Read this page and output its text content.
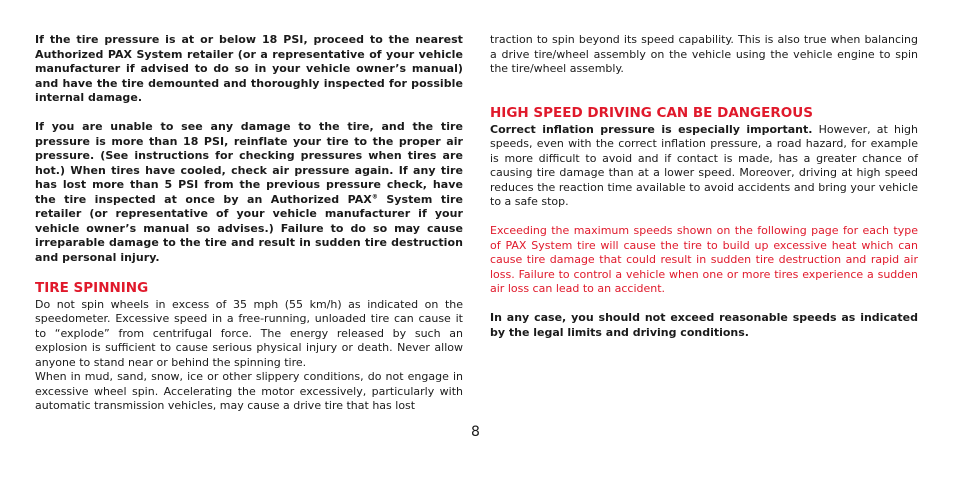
If the tire pressure is at or below 18 PSI, proceed to the nearest Authorized PAX System retailer (or a representative of your vehicle manufacturer if advised to do so in your vehicle owner’s manual) and have the tire demounted and thoroughly inspected for possible internal damage.

If you are unable to see any damage to the tire, and the tire pressure is more than 18 PSI, reinflate your tire to the proper air pressure. (See instructions for checking pressures when tires are hot.) When tires have cooled, check air pressure again. If any tire has lost more than 5 PSI from the previous pressure check, have the tire inspected at once by an Authorized PAX® System tire retailer (or representative of your vehicle manufacturer if your vehicle owner’s manual so advises.) Failure to do so may cause irreparable damage to the tire and result in sudden tire destruction and personal injury.

TIRE SPINNING

Do not spin wheels in excess of 35 mph (55 km/h) as indicated on the speedometer. Excessive speed in a free-running, unloaded tire can cause it to “explode” from centrifugal force. The energy released by such an explosion is sufficient to cause serious physical injury or death. Never allow anyone to stand near or behind the spinning tire.

When in mud, sand, snow, ice or other slippery conditions, do not engage in excessive wheel spin. Accelerating the motor excessively, particularly with automatic transmission vehicles, may cause a drive tire that has lost

8

traction to spin beyond its speed capability. This is also true when balancing a drive tire/wheel assembly on the vehicle using the vehicle engine to spin the tire/wheel assembly.

HIGH SPEED DRIVING CAN BE DANGEROUS

Correct inflation pressure is especially important. However, at high speeds, even with the correct inflation pressure, a road hazard, for example is more difficult to avoid and if contact is made, has a greater chance of causing tire damage than at a lower speed. Moreover, driving at high speed reduces the reaction time available to avoid accidents and bring your vehicle to a safe stop.

Exceeding the maximum speeds shown on the following page for each type of PAX System tire will cause the tire to build up excessive heat which can cause tire damage that could result in sudden tire destruction and rapid air loss. Failure to control a vehicle when one or more tires experience a sudden air loss can lead to an accident.

In any case, you should not exceed reasonable speeds as indicated by the legal limits and driving conditions.
